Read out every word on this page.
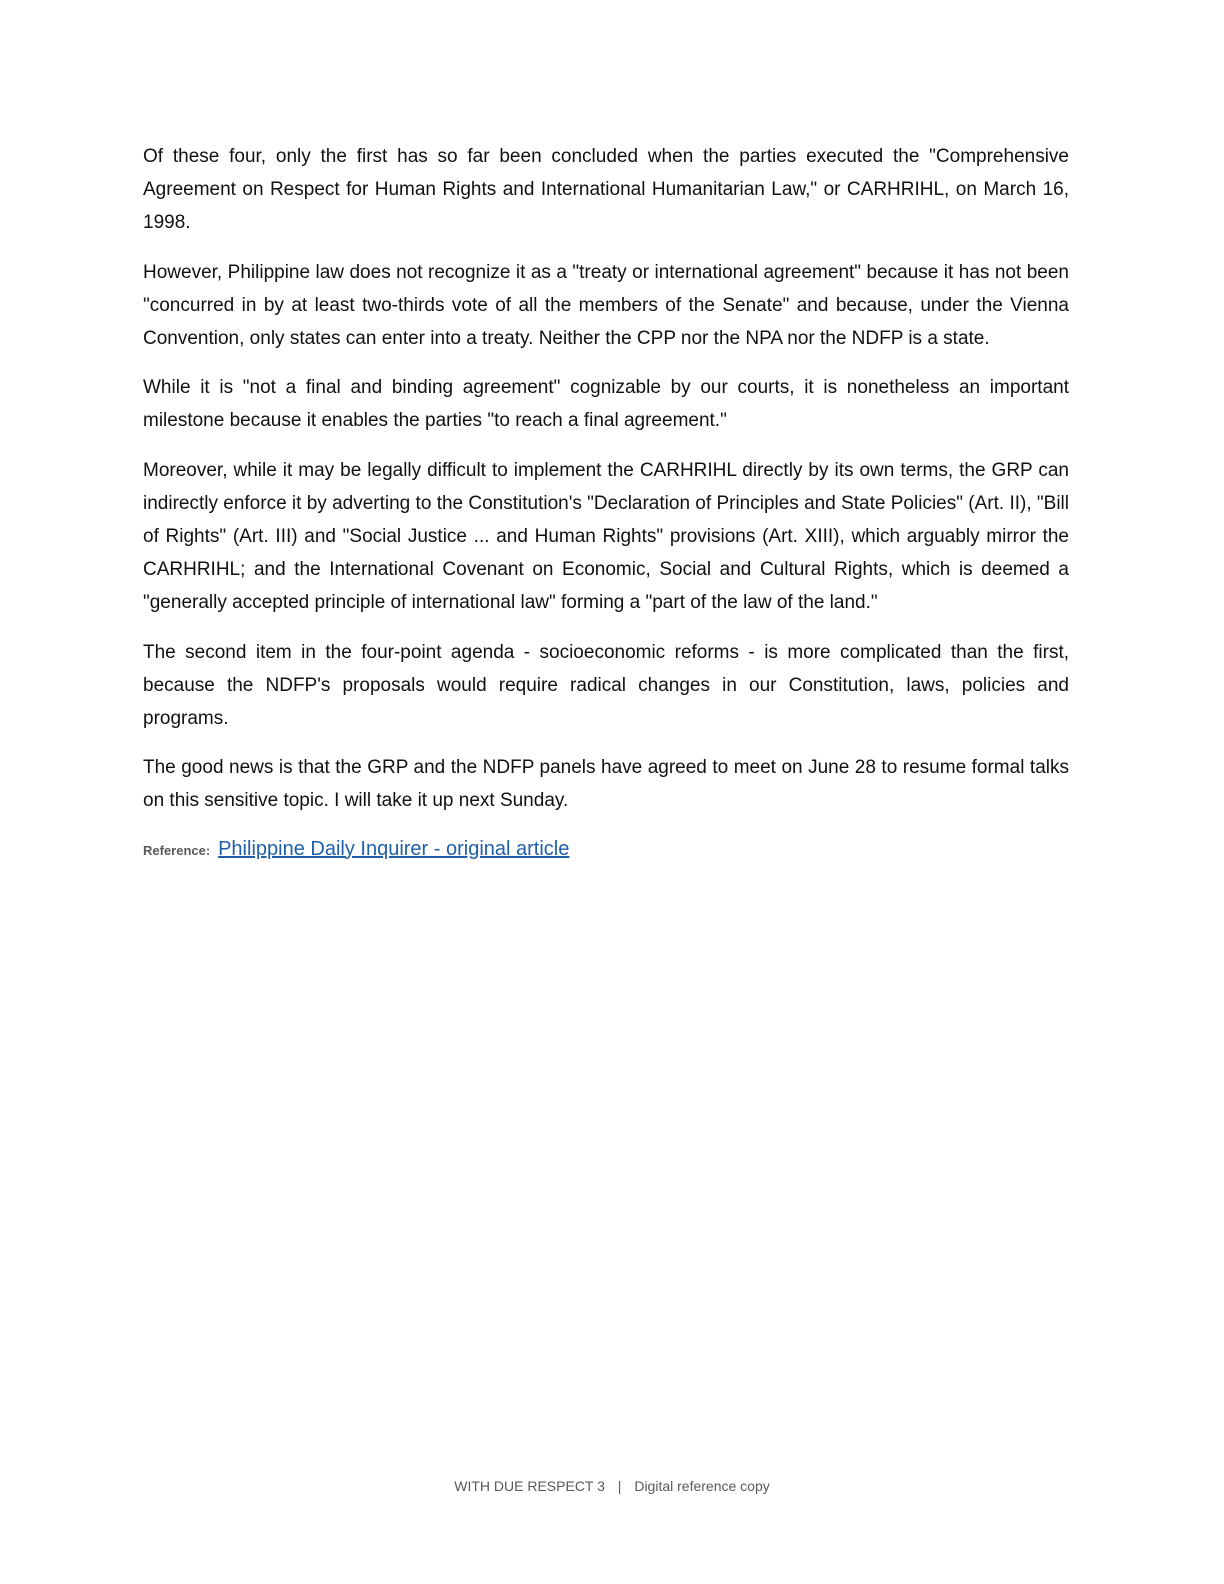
Of these four, only the first has so far been concluded when the parties executed the "Comprehensive Agreement on Respect for Human Rights and International Humanitarian Law," or CARHRIHL, on March 16, 1998.

However, Philippine law does not recognize it as a "treaty or international agreement" because it has not been "concurred in by at least two-thirds vote of all the members of the Senate" and because, under the Vienna Convention, only states can enter into a treaty. Neither the CPP nor the NPA nor the NDFP is a state.

While it is "not a final and binding agreement" cognizable by our courts, it is nonetheless an important milestone because it enables the parties "to reach a final agreement."

Moreover, while it may be legally difficult to implement the CARHRIHL directly by its own terms, the GRP can indirectly enforce it by adverting to the Constitution's "Declaration of Principles and State Policies" (Art. II), "Bill of Rights" (Art. III) and "Social Justice ... and Human Rights" provisions (Art. XIII), which arguably mirror the CARHRIHL; and the International Covenant on Economic, Social and Cultural Rights, which is deemed a "generally accepted principle of international law" forming a "part of the law of the land."

The second item in the four-point agenda - socioeconomic reforms - is more complicated than the first, because the NDFP's proposals would require radical changes in our Constitution, laws, policies and programs.

The good news is that the GRP and the NDFP panels have agreed to meet on June 28 to resume formal talks on this sensitive topic. I will take it up next Sunday.

Reference: Philippine Daily Inquirer - original article
WITH DUE RESPECT 3 | Digital reference copy
